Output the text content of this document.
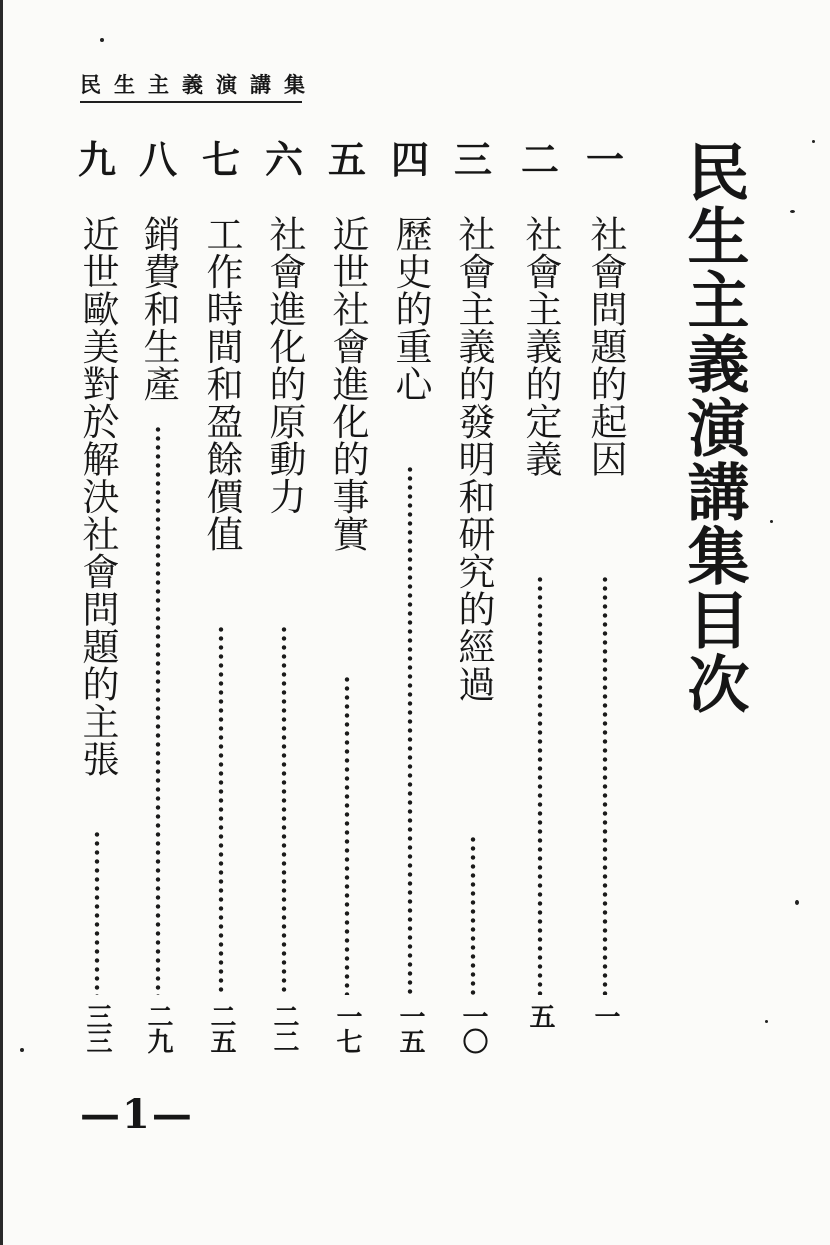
民生主義演講集
民生主義演講集目次
一
社會問題的起因
一
二
社會主義的定義
五
三
社會主義的發明和研究的經過
一〇
四
歷史的重心
一五
五
近世社會進化的事實
一七
六
社會進化的原動力
二二
七
工作時間和盈餘價值
二五
八
銷費和生產
二九
九
近世歐美對於解決社會問題的主張
三三
—1—
